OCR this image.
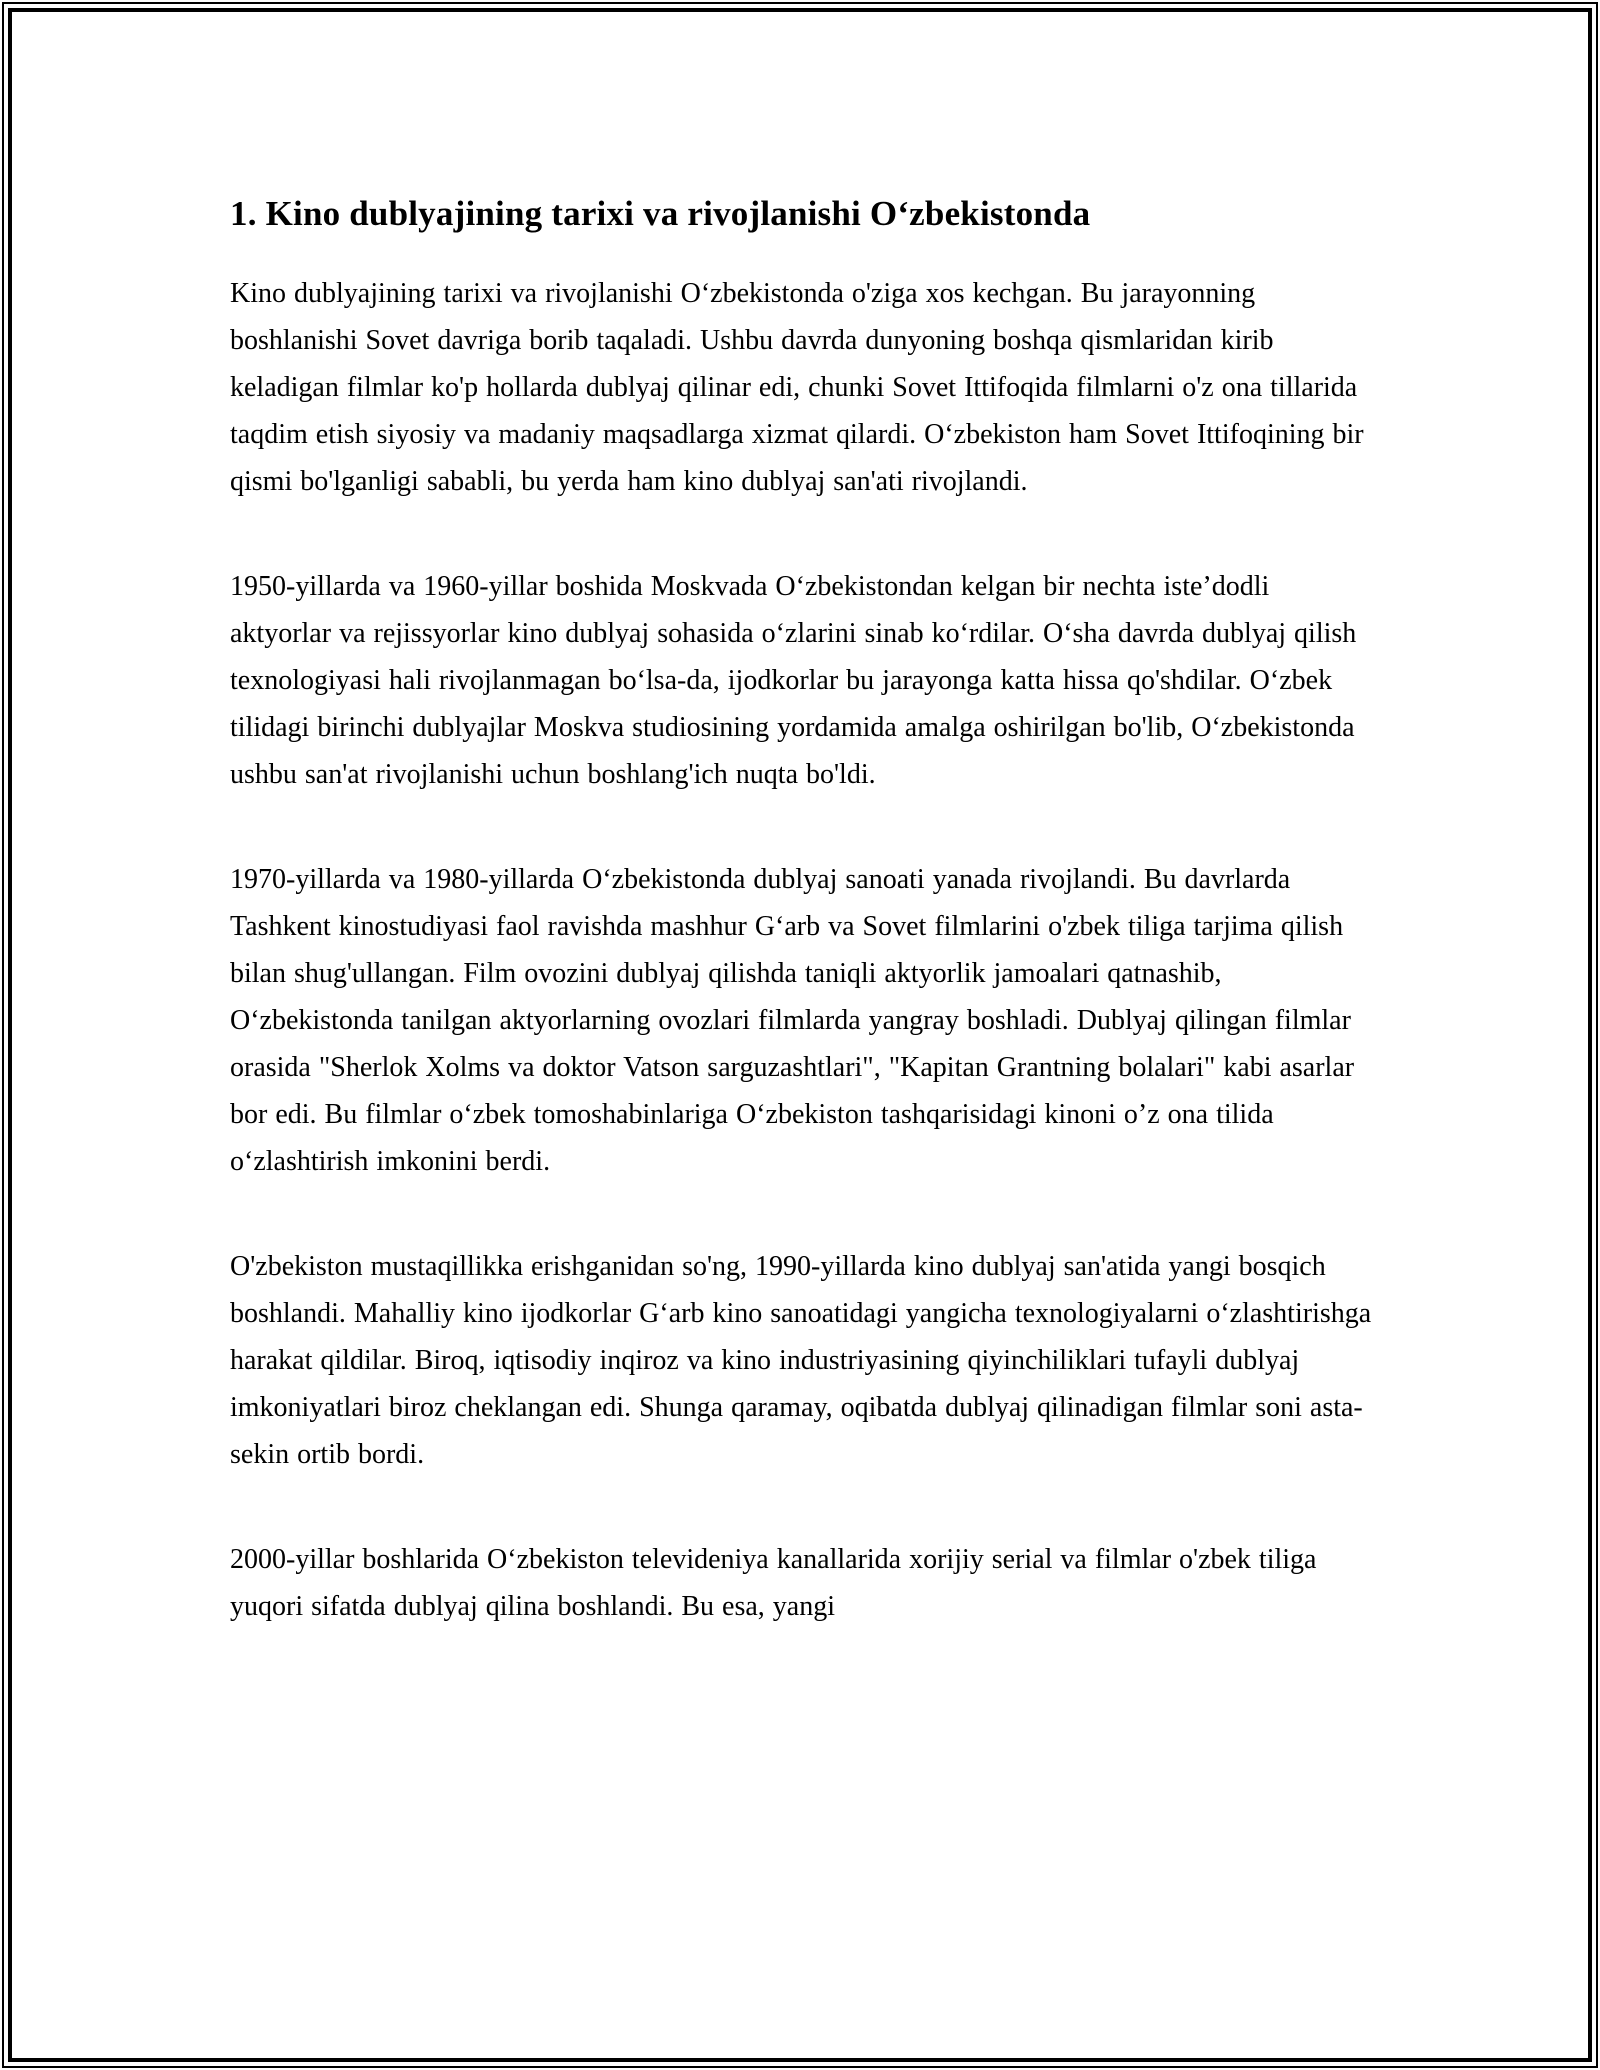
1. Kino dublyajining tarixi va rivojlanishi O‘zbekistonda

Kino dublyajining tarixi va rivojlanishi O‘zbekistonda o'ziga xos kechgan. Bu jarayonning boshlanishi Sovet davriga borib taqaladi. Ushbu davrda dunyoning boshqa qismlaridan kirib keladigan filmlar ko'p hollarda dublyaj qilinar edi, chunki Sovet Ittifoqida filmlarni o'z ona tillarida taqdim etish siyosiy va madaniy maqsadlarga xizmat qilardi. O‘zbekiston ham Sovet Ittifoqining bir qismi bo'lganligi sababli, bu yerda ham kino dublyaj san'ati rivojlandi.

1950-yillarda va 1960-yillar boshida Moskvada O‘zbekistondan kelgan bir nechta iste’dodli aktyorlar va rejissyorlar kino dublyaj sohasida o‘zlarini sinab ko‘rdilar. O‘sha davrda dublyaj qilish texnologiyasi hali rivojlanmagan bo‘lsa-da, ijodkorlar bu jarayonga katta hissa qo'shdilar. O‘zbek tilidagi birinchi dublyajlar Moskva studiosining yordamida amalga oshirilgan bo'lib, O‘zbekistonda ushbu san'at rivojlanishi uchun boshlang'ich nuqta bo'ldi.

1970-yillarda va 1980-yillarda O‘zbekistonda dublyaj sanoati yanada rivojlandi. Bu davrlarda Tashkent kinostudiyasi faol ravishda mashhur G‘arb va Sovet filmlarini o'zbek tiliga tarjima qilish bilan shug'ullangan. Film ovozini dublyaj qilishda taniqli aktyorlik jamoalari qatnashib, O‘zbekistonda tanilgan aktyorlarning ovozlari filmlarda yangray boshladi. Dublyaj qilingan filmlar orasida "Sherlok Xolms va doktor Vatson sarguzashtlari", "Kapitan Grantning bolalari" kabi asarlar bor edi. Bu filmlar o‘zbek tomoshabinlariga O‘zbekiston tashqarisidagi kinoni o’z ona tilida o‘zlashtirish imkonini berdi.

O'zbekiston mustaqillikka erishganidan so'ng, 1990-yillarda kino dublyaj san'atida yangi bosqich boshlandi. Mahalliy kino ijodkorlar G‘arb kino sanoatidagi yangicha texnologiyalarni o‘zlashtirishga harakat qildilar. Biroq, iqtisodiy inqiroz va kino industriyasining qiyinchiliklari tufayli dublyaj imkoniyatlari biroz cheklangan edi. Shunga qaramay, oqibatda dublyaj qilinadigan filmlar soni asta-sekin ortib bordi.

2000-yillar boshlarida O‘zbekiston televideniya kanallarida xorijiy serial va filmlar o'zbek tiliga yuqori sifatda dublyaj qilina boshlandi. Bu esa, yangi
